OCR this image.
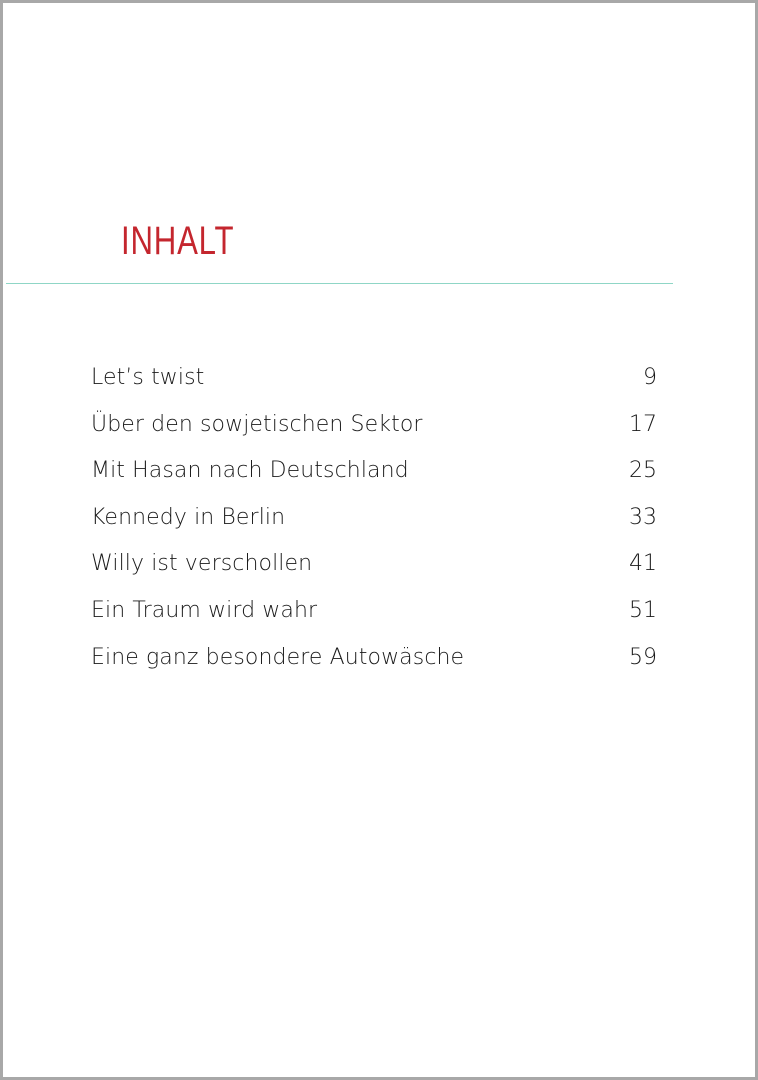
INHALT
Let’s twist	9
Über den sowjetischen Sektor	17
Mit Hasan nach Deutschland	25
Kennedy in Berlin	33
Willy ist verschollen	41
Ein Traum wird wahr	51
Eine ganz besondere Autowäsche	59
